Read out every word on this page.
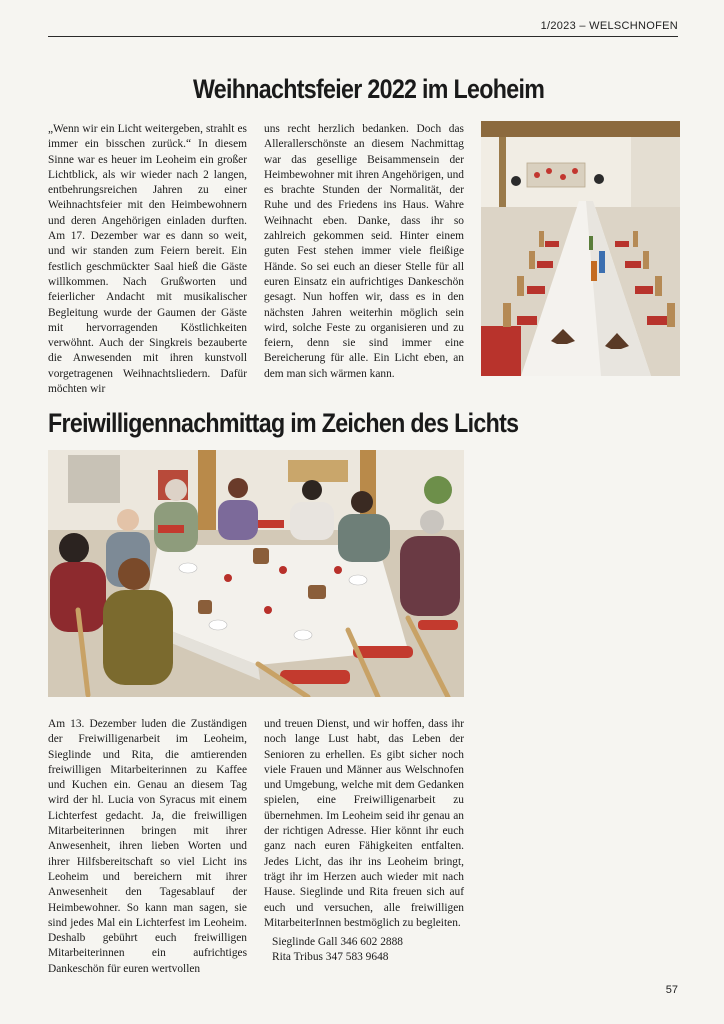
1/2023 – WELSCHNOFEN
Weihnachtsfeier 2022 im Leoheim

„Wenn wir ein Licht weitergeben, strahlt es immer ein bisschen zurück.“ In diesem Sinne war es heuer im Leoheim ein großer Lichtblick, als wir wieder nach 2 langen, entbehrungsreichen Jahren zu einer Weihnachtsfeier mit den Heimbewohnern und deren Angehörigen einladen durften. Am 17. Dezember war es dann so weit, und wir standen zum Feiern bereit. Ein festlich geschmückter Saal hieß die Gäste willkommen. Nach Grußworten und feierlicher Andacht mit musikalischer Begleitung wurde der Gaumen der Gäste mit hervorragenden Köstlichkeiten verwöhnt. Auch der Singkreis bezauberte die Anwesenden mit ihren kunstvoll vorgetragenen Weihnachtsliedern. Dafür möchten wir

uns recht herzlich bedanken. Doch das Allerallerschönste an diesem Nachmittag war das gesellige Beisammensein der Heimbewohner mit ihren Angehörigen, und es brachte Stunden der Normalität, der Ruhe und des Friedens ins Haus. Wahre Weihnacht eben. Danke, dass ihr so zahlreich gekommen seid. Hinter einem guten Fest stehen immer viele fleißige Hände. So sei euch an dieser Stelle für all euren Einsatz ein aufrichtiges Dankeschön gesagt. Nun hoffen wir, dass es in den nächsten Jahren weiterhin möglich sein wird, solche Feste zu organisieren und zu feiern, denn sie sind immer eine Bereicherung für alle. Ein Licht eben, an dem man sich wärmen kann.

Freiwilligennachmittag im Zeichen des Lichts

Am 13. Dezember luden die Zuständigen der Freiwilligenarbeit im Leoheim, Sieglinde und Rita, die amtierenden freiwilligen Mitarbeiterinnen zu Kaffee und Kuchen ein. Genau an diesem Tag wird der hl. Lucia von Syracus mit einem Lichterfest gedacht. Ja, die freiwilligen Mitarbeiterinnen bringen mit ihrer Anwesenheit, ihren lieben Worten und ihrer Hilfsbereitschaft so viel Licht ins Leoheim und bereichern mit ihrer Anwesenheit den Tagesablauf der Heimbewohner. So kann man sagen, sie sind jedes Mal ein Lichterfest im Leoheim. Deshalb gebührt euch freiwilligen Mitarbeiterinnen ein aufrichtiges Dankeschön für euren wertvollen

und treuen Dienst, und wir hoffen, dass ihr noch lange Lust habt, das Leben der Senioren zu erhellen. Es gibt sicher noch viele Frauen und Männer aus Welschnofen und Umgebung, welche mit dem Gedanken spielen, eine Freiwilligenarbeit zu übernehmen. Im Leoheim seid ihr genau an der richtigen Adresse. Hier könnt ihr euch ganz nach euren Fähigkeiten entfalten. Jedes Licht, das ihr ins Leoheim bringt, trägt ihr im Herzen auch wieder mit nach Hause. Sieglinde und Rita freuen sich auf euch und versuchen, alle freiwilligen MitarbeiterInnen bestmöglich zu begleiten.

Sieglinde Gall 346 602 2888
Rita Tribus 347 583 9648
57
